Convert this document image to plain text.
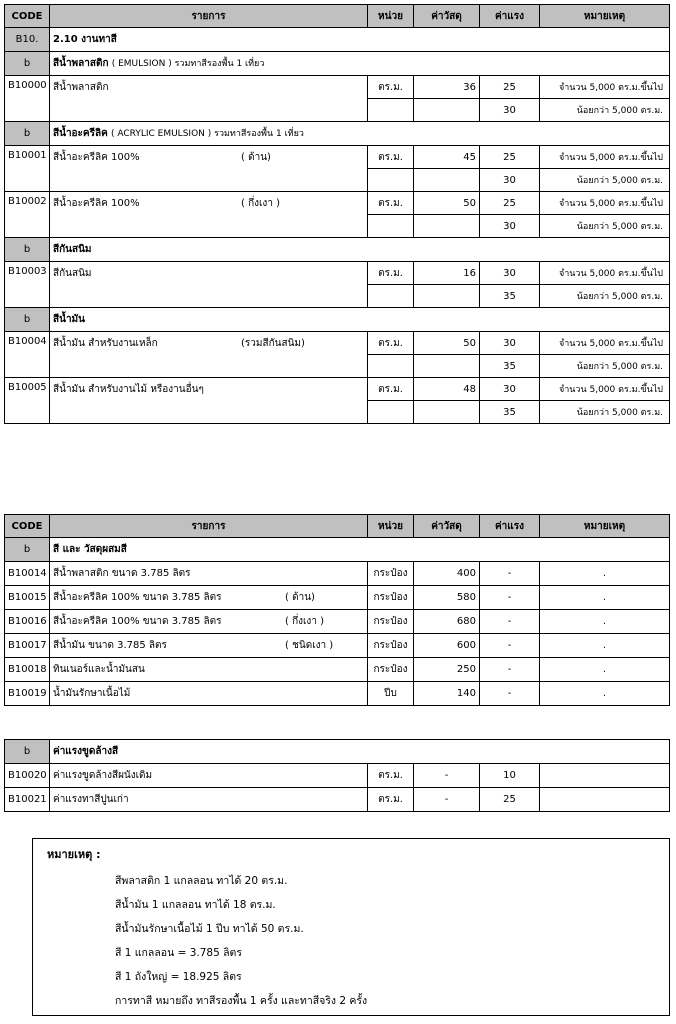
CODE	รายการ	หน่วย	ค่าวัสดุ	ค่าแรง	หมายเหตุ
B10.	2.10 งานทาสี				
b	สีน้ำพลาสติก ( EMULSION ) รวมทาสีรองพื้น 1 เที่ยว				
B10000	สีน้ำพลาสติก	ตร.ม.	36	25	จำนวน 5,000 ตร.ม.ขึ้นไป
				30	น้อยกว่า 5,000 ตร.ม.
b	สีน้ำอะครีลิค ( ACRYLIC EMULSION ) รวมทาสีรองพื้น 1 เที่ยว				
B10001	สีน้ำอะครีลิค 100% ( ด้าน)	ตร.ม.	45	25	จำนวน 5,000 ตร.ม.ขึ้นไป
				30	น้อยกว่า 5,000 ตร.ม.
B10002	สีน้ำอะครีลิค 100% ( กึ่งเงา )	ตร.ม.	50	25	จำนวน 5,000 ตร.ม.ขึ้นไป
				30	น้อยกว่า 5,000 ตร.ม.
b	สีกันสนิม				
B10003	สีกันสนิม	ตร.ม.	16	30	จำนวน 5,000 ตร.ม.ขึ้นไป
				35	น้อยกว่า 5,000 ตร.ม.
b	สีน้ำมัน				
B10004	สีน้ำมัน สำหรับงานเหล็ก (รวมสีกันสนิม)	ตร.ม.	50	30	จำนวน 5,000 ตร.ม.ขึ้นไป
				35	น้อยกว่า 5,000 ตร.ม.
B10005	สีน้ำมัน สำหรับงานไม้ หรืองานอื่นๆ	ตร.ม.	48	30	จำนวน 5,000 ตร.ม.ขึ้นไป
				35	น้อยกว่า 5,000 ตร.ม.
CODE	รายการ	หน่วย	ค่าวัสดุ	ค่าแรง	หมายเหตุ
b	สี และ วัสดุผสมสี				
B10014	สีน้ำพลาสติก ขนาด 3.785 ลิตร	กระป๋อง	400	-	.
B10015	สีน้ำอะครีลิค 100% ขนาด 3.785 ลิตร ( ด้าน)	กระป๋อง	580	-	.
B10016	สีน้ำอะครีลิค 100% ขนาด 3.785 ลิตร ( กึ่งเงา )	กระป๋อง	680	-	.
B10017	สีน้ำมัน ขนาด 3.785 ลิตร ( ชนิดเงา )	กระป๋อง	600	-	.
B10018	ทินเนอร์และน้ำมันสน	กระป๋อง	250	-	.
B10019	น้ำมันรักษาเนื้อไม้	ปีบ	140	-	.
b	ค่าแรงขูดล้างสี				
B10020	ค่าแรงขูดล้างสีผนังเดิม	ตร.ม.	-	10	
B10021	ค่าแรงทาสีปูนเก่า	ตร.ม.	-	25	
หมายเหตุ :
สีพลาสติก 1 แกลลอน ทาได้ 20 ตร.ม.
สีน้ำมัน 1 แกลลอน ทาได้ 18 ตร.ม.
สีน้ำมันรักษาเนื้อไม้ 1 ปีบ ทาได้ 50 ตร.ม.
สี 1 แกลลอน = 3.785 ลิตร
สี 1 ถังใหญ่ = 18.925 ลิตร
การทาสี หมายถึง ทาสีรองพื้น 1 ครั้ง และทาสีจริง 2 ครั้ง
